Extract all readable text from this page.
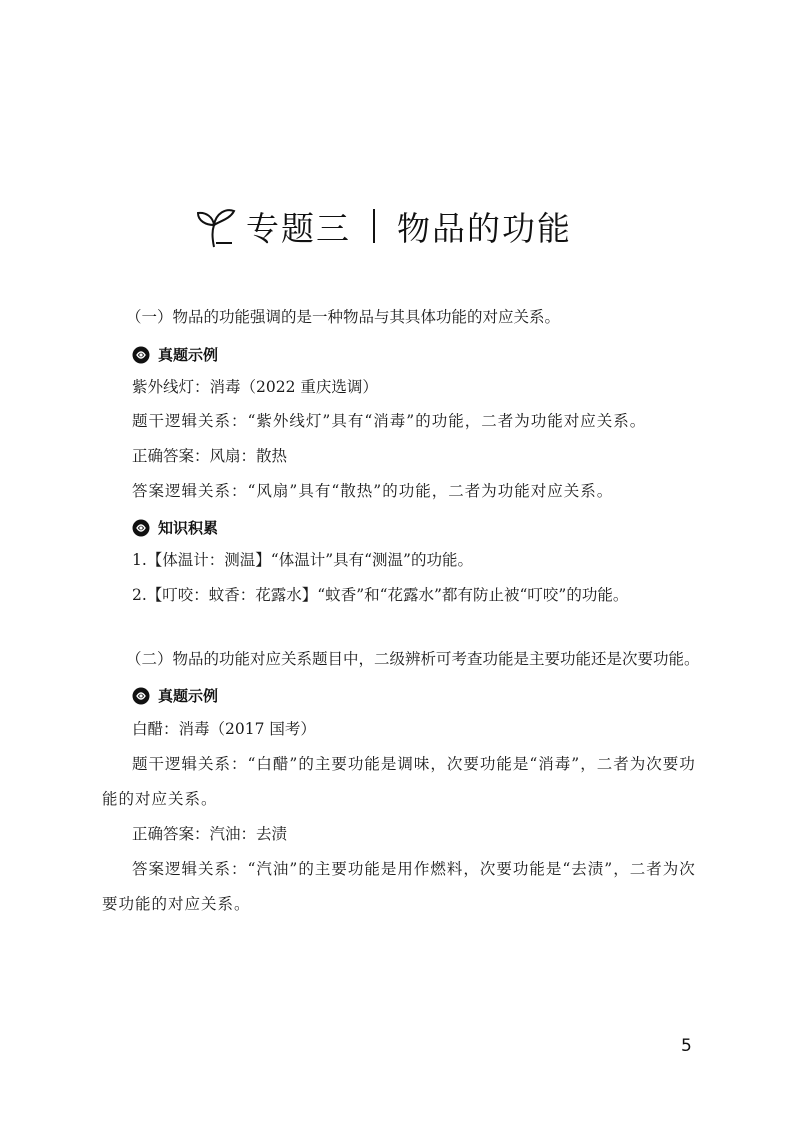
专题三 物品的功能
（一）物品的功能强调的是一种物品与其具体功能的对应关系。
真题示例
紫外线灯：消毒（2022 重庆选调）
题干逻辑关系：“紫外线灯”具有“消毒”的功能，二者为功能对应关系。
正确答案：风扇：散热
答案逻辑关系：“风扇”具有“散热”的功能，二者为功能对应关系。
知识积累
1.【体温计：测温】“体温计”具有“测温”的功能。
2.【叮咬：蚊香：花露水】“蚊香”和“花露水”都有防止被“叮咬”的功能。
（二）物品的功能对应关系题目中，二级辨析可考查功能是主要功能还是次要功能。
真题示例
白醋：消毒（2017 国考）
题干逻辑关系：“白醋”的主要功能是调味，次要功能是“消毒”，二者为次要功
能的对应关系。
正确答案：汽油：去渍
答案逻辑关系：“汽油”的主要功能是用作燃料，次要功能是“去渍”，二者为次
要功能的对应关系。
5
